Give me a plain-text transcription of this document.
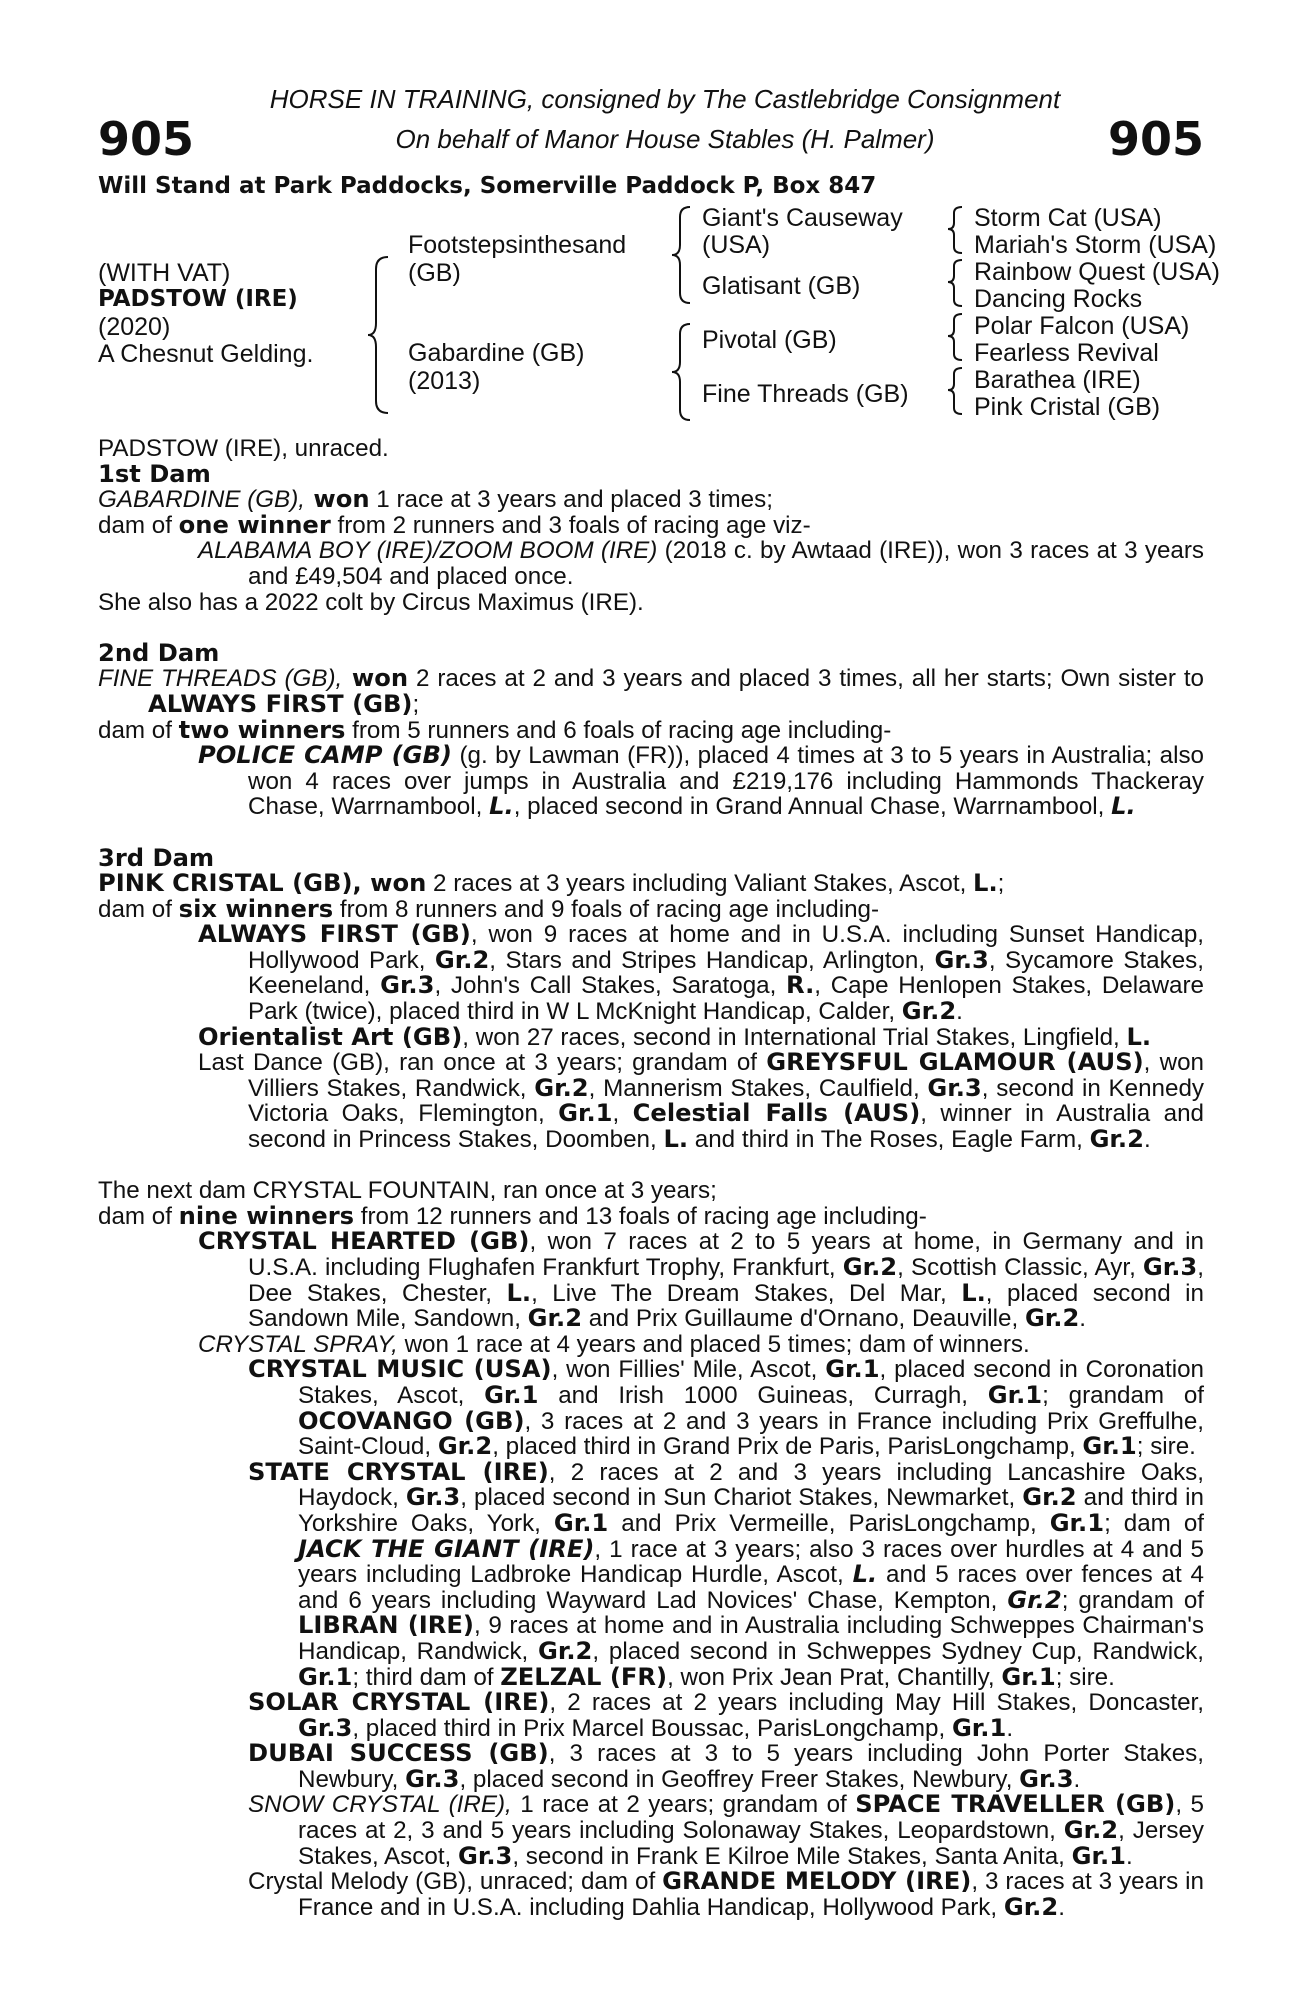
905	905
HORSE IN TRAINING, consigned by The Castlebridge Consignment
On behalf of Manor House Stables (H. Palmer)
Will Stand at Park Paddocks, Somerville Paddock P, Box 847
(WITH VAT)
PADSTOW (IRE)
(2020)
A Chesnut Gelding.
Footstepsinthesand
(GB)
Gabardine (GB)
(2013)
Giant's Causeway
(USA)
Glatisant (GB)
Pivotal (GB)
Fine Threads (GB)
Storm Cat (USA)
Mariah's Storm (USA)
Rainbow Quest (USA)
Dancing Rocks
Polar Falcon (USA)
Fearless Revival
Barathea (IRE)
Pink Cristal (GB)

PADSTOW (IRE), unraced.

1st Dam

GABARDINE (GB), won 1 race at 3 years and placed 3 times;

dam of one winner from 2 runners and 3 foals of racing age viz-

ALABAMA BOY (IRE)/ZOOM BOOM (IRE) (2018 c. by Awtaad (IRE)), won 3 races at 3 years and £49,504 and placed once.

She also has a 2022 colt by Circus Maximus (IRE).

2nd Dam

FINE THREADS (GB), won 2 races at 2 and 3 years and placed 3 times, all her starts; Own sister to ALWAYS FIRST (GB);

dam of two winners from 5 runners and 6 foals of racing age including-

POLICE CAMP (GB) (g. by Lawman (FR)), placed 4 times at 3 to 5 years in Australia; also won 4 races over jumps in Australia and £219,176 including Hammonds Thackeray Chase, Warrnambool, L., placed second in Grand Annual Chase, Warrnambool, L.

3rd Dam

PINK CRISTAL (GB), won 2 races at 3 years including Valiant Stakes, Ascot, L.;

dam of six winners from 8 runners and 9 foals of racing age including-

ALWAYS FIRST (GB), won 9 races at home and in U.S.A. including Sunset Handicap, Hollywood Park, Gr.2, Stars and Stripes Handicap, Arlington, Gr.3, Sycamore Stakes, Keeneland, Gr.3, John's Call Stakes, Saratoga, R., Cape Henlopen Stakes, Delaware Park (twice), placed third in W L McKnight Handicap, Calder, Gr.2.

Orientalist Art (GB), won 27 races, second in International Trial Stakes, Lingfield, L.

Last Dance (GB), ran once at 3 years; grandam of GREYSFUL GLAMOUR (AUS), won Villiers Stakes, Randwick, Gr.2, Mannerism Stakes, Caulfield, Gr.3, second in Kennedy Victoria Oaks, Flemington, Gr.1, Celestial Falls (AUS), winner in Australia and second in Princess Stakes, Doomben, L. and third in The Roses, Eagle Farm, Gr.2.

The next dam CRYSTAL FOUNTAIN, ran once at 3 years;

dam of nine winners from 12 runners and 13 foals of racing age including-

CRYSTAL HEARTED (GB), won 7 races at 2 to 5 years at home, in Germany and in U.S.A. including Flughafen Frankfurt Trophy, Frankfurt, Gr.2, Scottish Classic, Ayr, Gr.3, Dee Stakes, Chester, L., Live The Dream Stakes, Del Mar, L., placed second in Sandown Mile, Sandown, Gr.2 and Prix Guillaume d'Ornano, Deauville, Gr.2.

CRYSTAL SPRAY, won 1 race at 4 years and placed 5 times; dam of winners.

CRYSTAL MUSIC (USA), won Fillies' Mile, Ascot, Gr.1, placed second in Coronation Stakes, Ascot, Gr.1 and Irish 1000 Guineas, Curragh, Gr.1; grandam of OCOVANGO (GB), 3 races at 2 and 3 years in France including Prix Greffulhe, Saint-Cloud, Gr.2, placed third in Grand Prix de Paris, ParisLongchamp, Gr.1; sire.

STATE CRYSTAL (IRE), 2 races at 2 and 3 years including Lancashire Oaks, Haydock, Gr.3, placed second in Sun Chariot Stakes, Newmarket, Gr.2 and third in Yorkshire Oaks, York, Gr.1 and Prix Vermeille, ParisLongchamp, Gr.1; dam of JACK THE GIANT (IRE), 1 race at 3 years; also 3 races over hurdles at 4 and 5 years including Ladbroke Handicap Hurdle, Ascot, L. and 5 races over fences at 4 and 6 years including Wayward Lad Novices' Chase, Kempton, Gr.2; grandam of LIBRAN (IRE), 9 races at home and in Australia including Schweppes Chairman's Handicap, Randwick, Gr.2, placed second in Schweppes Sydney Cup, Randwick, Gr.1; third dam of ZELZAL (FR), won Prix Jean Prat, Chantilly, Gr.1; sire.

SOLAR CRYSTAL (IRE), 2 races at 2 years including May Hill Stakes, Doncaster, Gr.3, placed third in Prix Marcel Boussac, ParisLongchamp, Gr.1.

DUBAI SUCCESS (GB), 3 races at 3 to 5 years including John Porter Stakes, Newbury, Gr.3, placed second in Geoffrey Freer Stakes, Newbury, Gr.3.

SNOW CRYSTAL (IRE), 1 race at 2 years; grandam of SPACE TRAVELLER (GB), 5 races at 2, 3 and 5 years including Solonaway Stakes, Leopardstown, Gr.2, Jersey Stakes, Ascot, Gr.3, second in Frank E Kilroe Mile Stakes, Santa Anita, Gr.1.

Crystal Melody (GB), unraced; dam of GRANDE MELODY (IRE), 3 races at 3 years in France and in U.S.A. including Dahlia Handicap, Hollywood Park, Gr.2.
